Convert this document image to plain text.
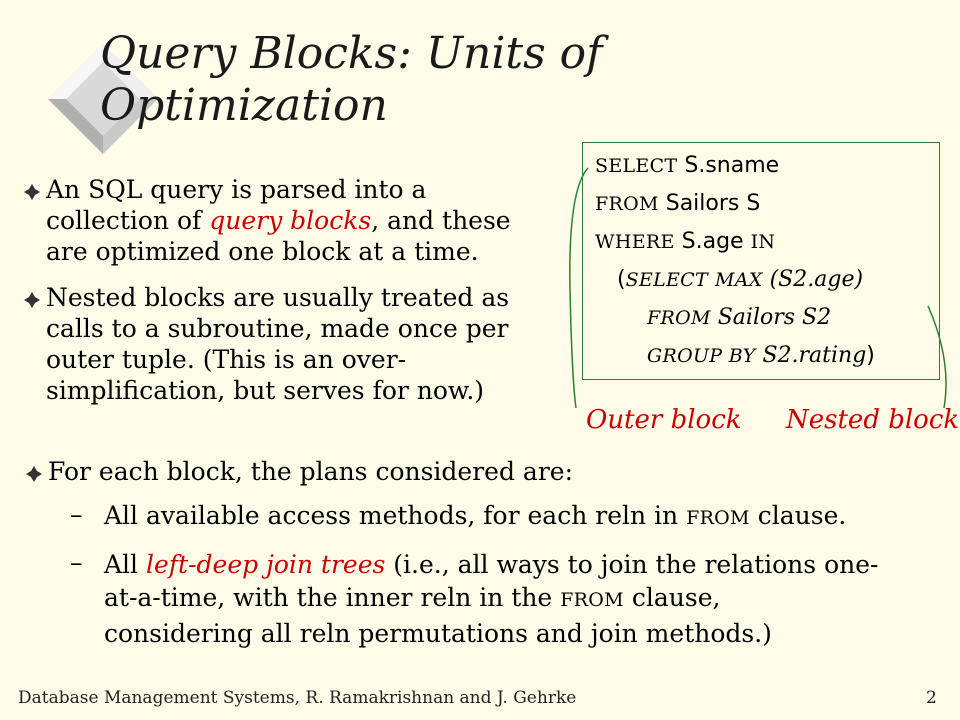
Query Blocks: Units of
Optimization
An SQL query is parsed into a
collection of query blocks, and these
are optimized one block at a time.
Nested blocks are usually treated as
calls to a subroutine, made once per
outer tuple. (This is an over-
simplification, but serves for now.)
SELECT S.sname
FROM Sailors S
WHERE S.age IN
(SELECT MAX (S2.age)
FROM Sailors S2
GROUP BY S2.rating)
Outer block Nested block
For each block, the plans considered are:
– All available access methods, for each reln in FROM clause.
– All left-deep join trees (i.e., all ways to join the relations one-
at-a-time, with the inner reln in the FROM clause,
considering all reln permutations and join methods.)
Database Management Systems, R. Ramakrishnan and J. Gehrke	2
